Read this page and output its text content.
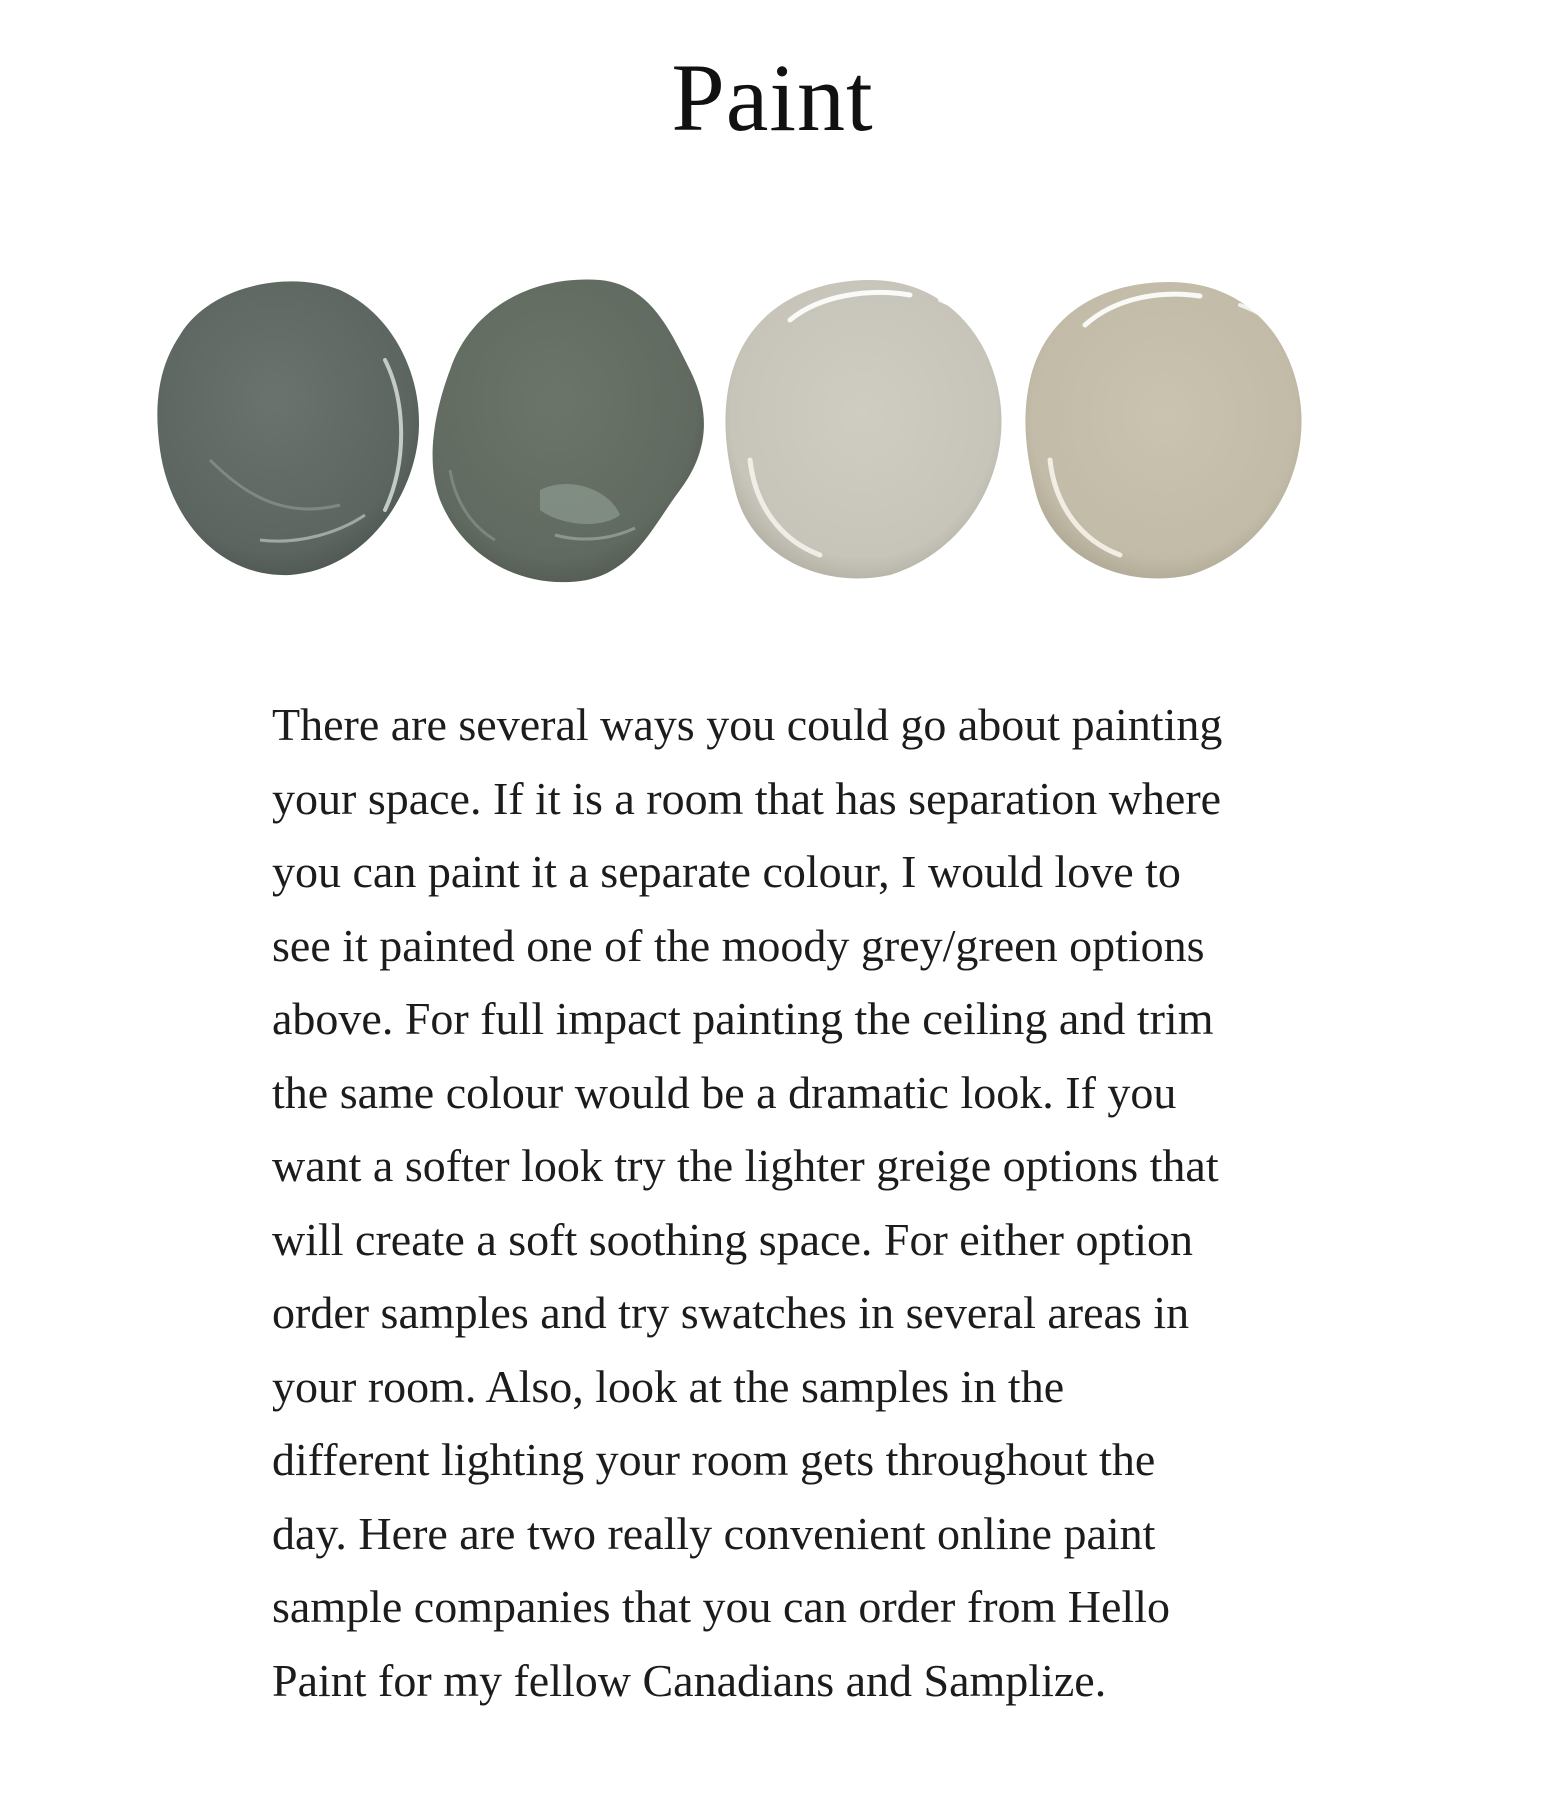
Paint

There are several ways you could go about painting
your space. If it is a room that has separation where
you can paint it a separate colour, I would love to
see it painted one of the moody grey/green options
above. For full impact painting the ceiling and trim
the same colour would be a dramatic look. If you
want a softer look try the lighter greige options that
will create a soft soothing space. For either option
order samples and try swatches in several areas in
your room. Also, look at the samples in the
different lighting your room gets throughout the
day. Here are two really convenient online paint
sample companies that you can order from Hello
Paint for my fellow Canadians and Samplize.
